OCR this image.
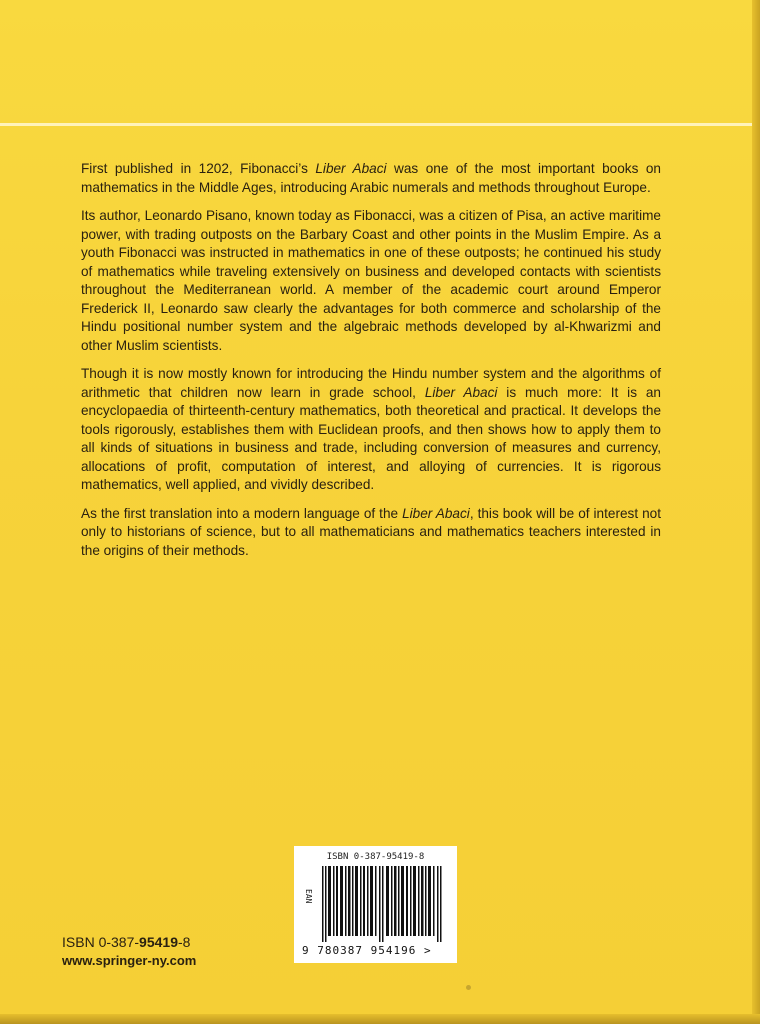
First published in 1202, Fibonacci’s Liber Abaci was one of the most important books on mathematics in the Middle Ages, introducing Arabic numerals and methods throughout Europe.

Its author, Leonardo Pisano, known today as Fibonacci, was a citizen of Pisa, an active maritime power, with trading outposts on the Barbary Coast and other points in the Muslim Empire. As a youth Fibonacci was instructed in mathematics in one of these outposts; he continued his study of mathematics while traveling extensively on business and developed contacts with scientists throughout the Mediterranean world. A member of the academic court around Emperor Frederick II, Leonardo saw clearly the advantages for both commerce and scholarship of the Hindu positional number system and the algebraic methods developed by al-Khwarizmi and other Muslim scientists.

Though it is now mostly known for introducing the Hindu number system and the algorithms of arithmetic that children now learn in grade school, Liber Abaci is much more: It is an encyclopaedia of thirteenth-century mathematics, both theoretical and practical. It develops the tools rigorously, establishes them with Euclidean proofs, and then shows how to apply them to all kinds of situations in business and trade, including conversion of measures and currency, allocations of profit, computation of interest, and alloying of currencies. It is rigorous mathematics, well applied, and vividly described.

As the first translation into a modern language of the Liber Abaci, this book will be of interest not only to historians of science, but to all mathematicians and mathematics teachers interested in the origins of their methods.

ISBN 0-387-95419-8
www.springer-ny.com
ISBN 0-387-95419-8
EAN
9 780387 954196 >
